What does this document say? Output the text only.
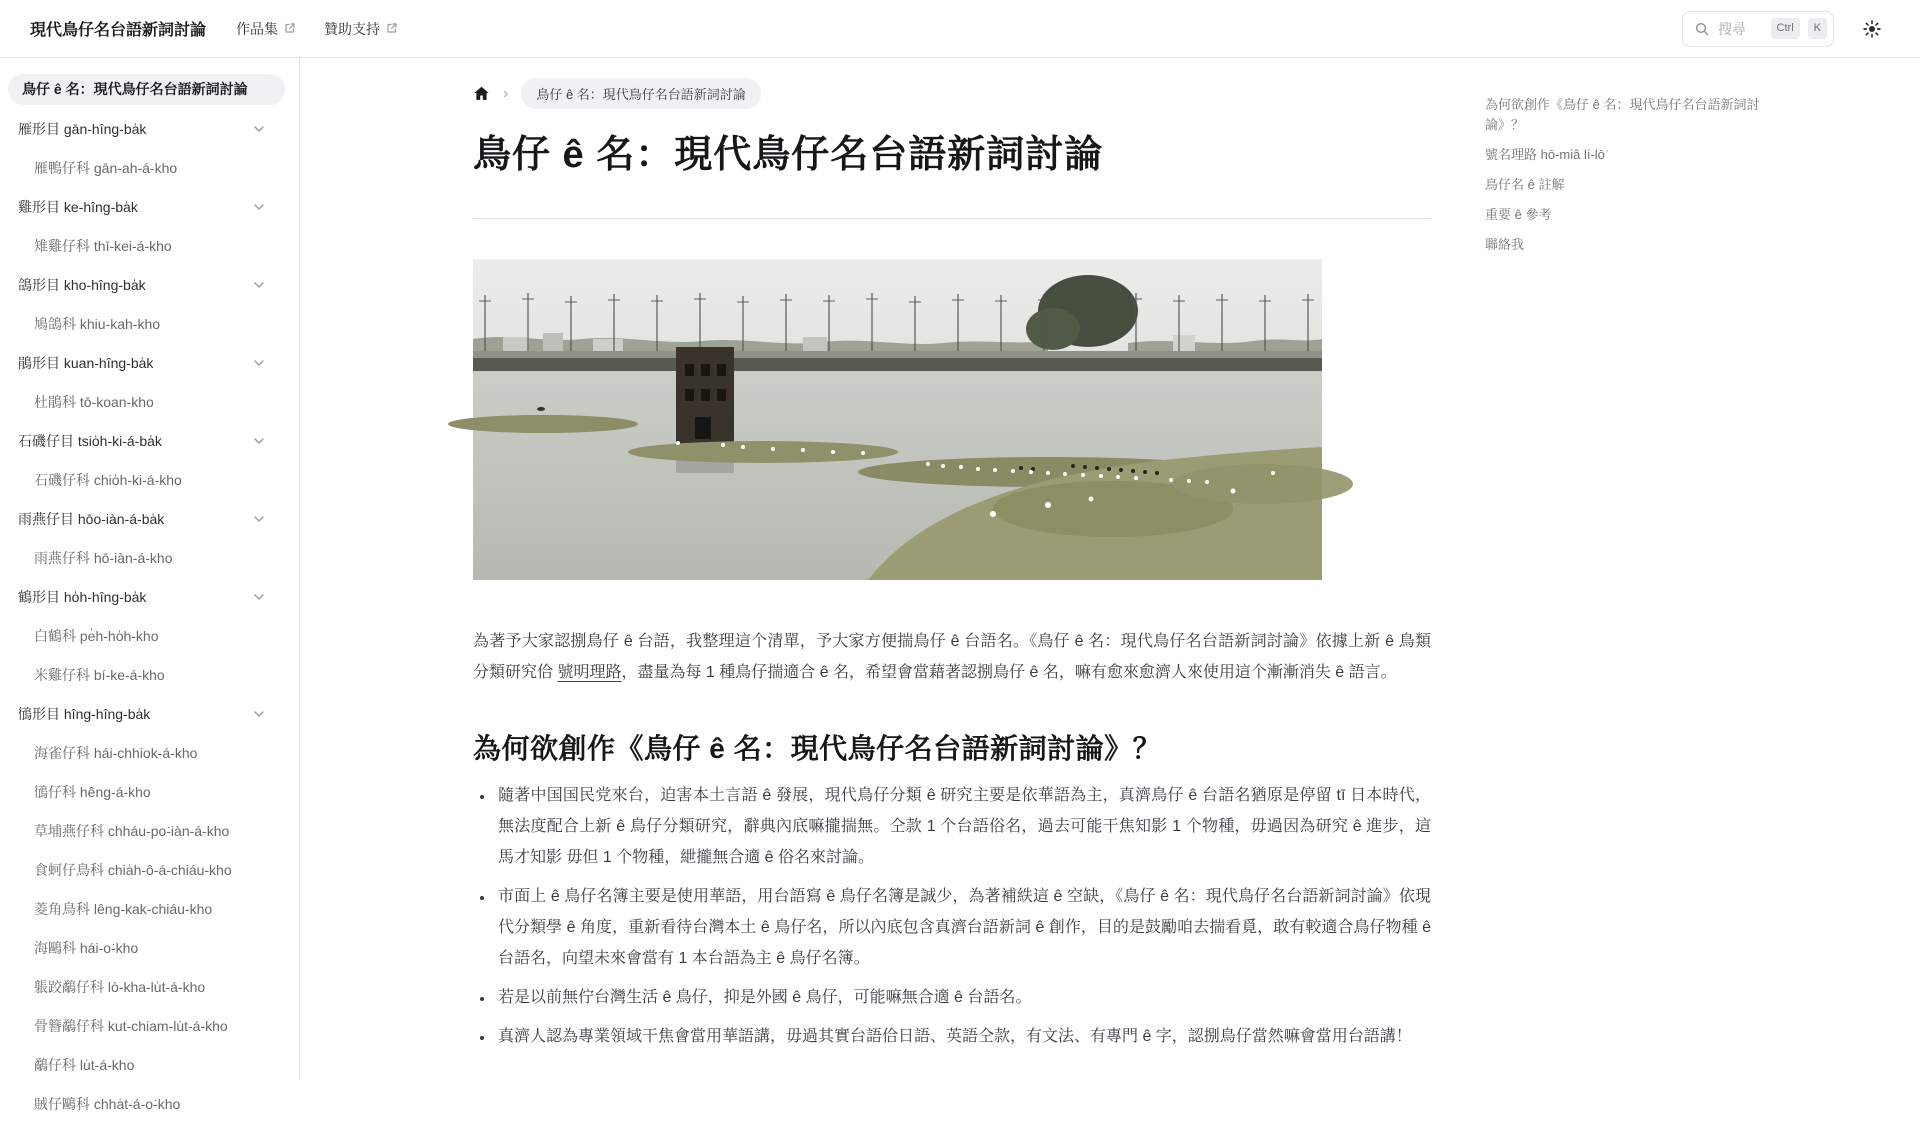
現代鳥仔名台語新詞討論 作品集	贊助支持	搜尋	Ctrl	K
鳥仔 ê 名：現代鳥仔名台語新詞討論
雁形目 gān-hîng-ba̍k
雁鴨仔科 gān-ah-á-kho
雞形目 ke-hîng-ba̍k
雉雞仔科 thī-kei-á-kho
鴿形目 kho-hîng-ba̍k
鳩鴿科 khiu-kah-kho
鵑形目 kuan-hîng-ba̍k
杜鵑科 tō-koan-kho
石磯仔目 tsio̍h-ki-á-ba̍k
石磯仔科 chio̍h-ki-á-kho
雨燕仔目 hōo-iàn-á-ba̍k
雨燕仔科 hō-iàn-á-kho
鶴形目 ho̍h-hîng-ba̍k
白鶴科 pe̍h-ho̍h-kho
米雞仔科 bí-ke-á-kho
鴴形目 hîng-hîng-ba̍k
海雀仔科 hái-chhiok-á-kho
鴴仔科 hêng-á-kho
草埔燕仔科 chháu-po͘-iàn-á-kho
食蚵仔鳥科 chia̍h-ô-á-chiáu-kho
菱角鳥科 lêng-kak-chiáu-kho
海鷗科 hái-o͘-kho
躼跤鷸仔科 lò-kha-lu̍t-á-kho
骨簪鷸仔科 kut-chiam-lu̍t-á-kho
鷸仔科 lu̍t-á-kho
賊仔鷗科 chha̍t-á-o͘-kho
›	鳥仔 ê 名：現代鳥仔名台語新詞討論
鳥仔 ê 名：現代鳥仔名台語新詞討論

為著予大家認捌鳥仔 ê 台語，我整理這个清單，予大家方便揣鳥仔 ê 台語名。《鳥仔 ê 名：現代鳥仔名台語新詞討論》依據上新 ê 鳥類分類研究佮 號明理路，盡量為每 1 種鳥仔揣適合 ê 名，希望會當藉著認捌鳥仔 ê 名，嘛有愈來愈濟人來使用這个漸漸消失 ê 語言。

為何欲創作《鳥仔 ê 名：現代鳥仔名台語新詞討論》？
• 隨著中国国民党來台，迫害本土言語 ê 發展，現代鳥仔分類 ê 研究主要是依華語為主，真濟鳥仔 ê 台語名猶原是停留 tī 日本時代，無法度配合上新 ê 鳥仔分類研究，辭典內底嘛攏揣無。仝款 1 个台語俗名，過去可能干焦知影 1 个物種，毋過因為研究 ê 進步，這馬才知影 毋但 1 个物種，紲攏無合適 ê 俗名來討論。
• 市面上 ê 鳥仔名簿主要是使用華語，用台語寫 ê 鳥仔名簿是誠少，為著補紩這 ê 空缺，《鳥仔 ê 名：現代鳥仔名台語新詞討論》依現代分類學 ê 角度，重新看待台灣本土 ê 鳥仔名，所以內底包含真濟台語新詞 ê 創作，目的是鼓勵咱去揣看覓，敢有較適合鳥仔物種 ê 台語名，向望未來會當有 1 本台語為主 ê 鳥仔名簿。
• 若是以前無佇台灣生活 ê 鳥仔，抑是外國 ê 鳥仔，可能嘛無合適 ê 台語名。
• 真濟人認為專業領域干焦會當用華語講，毋過其實台語佮日語、英語仝款，有文法、有專門 ê 字，認捌鳥仔當然嘛會當用台語講！
為何欲創作《鳥仔 ê 名：現代鳥仔名台語新詞討論》？
號名理路 hō-miâ lí-lō͘
鳥仔名 ê 註解
重要 ê 參考
聯絡我
